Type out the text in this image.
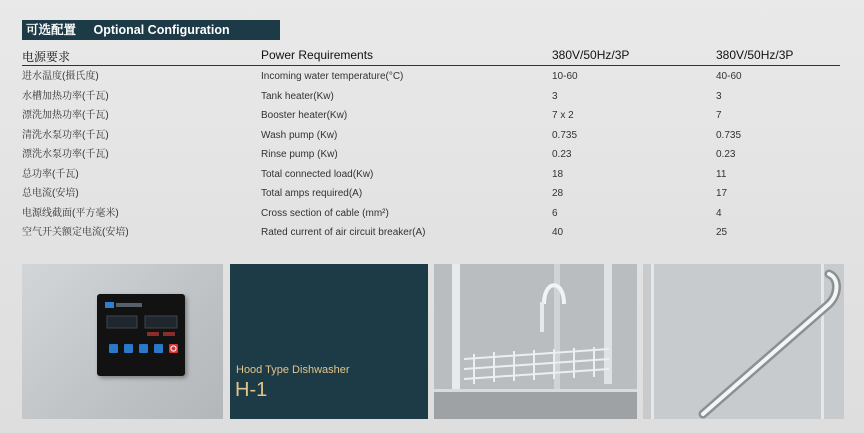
可选配置 Optional Configuration
电源要求	Power Requirements	380V/50Hz/3P	380V/50Hz/3P
进水温度(摄氏度)	Incoming water temperature(°C)	10-60	40-60
水槽加热功率(千瓦)	Tank heater(Kw)	3	3
漂洗加热功率(千瓦)	Booster heater(Kw)	7 x 2	7
清洗水泵功率(千瓦)	Wash pump (Kw)	0.735	0.735
漂洗水泵功率(千瓦)	Rinse pump (Kw)	0.23	0.23
总功率(千瓦)	Total connected load(Kw)	18	11
总电流(安培)	Total amps required(A)	28	17
电源线截面(平方毫米)	Cross section of cable (mm²)	6	4
空气开关额定电流(安培)	Rated current of air circuit breaker(A)	40	25
Hood Type Dishwasher
H-1
